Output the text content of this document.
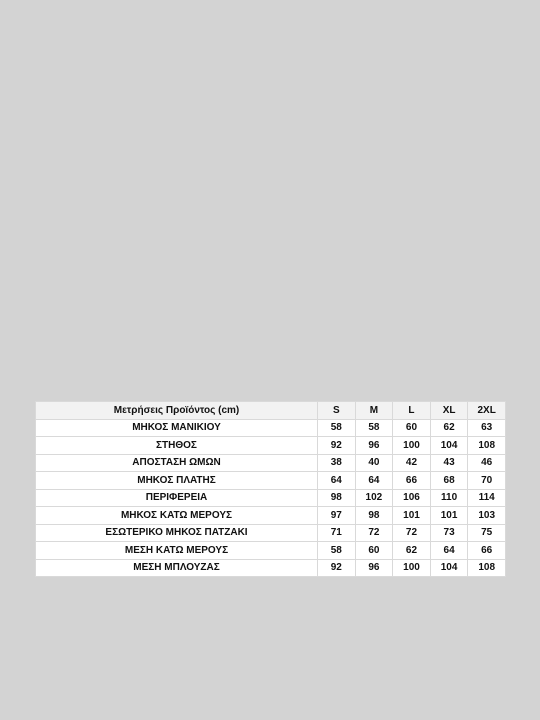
Μετρήσεις Προϊόντος (cm)	S	M	L	XL	2XL
ΜΗΚΟΣ ΜΑΝΙΚΙΟΥ	58	58	60	62	63
ΣΤΗΘΟΣ	92	96	100	104	108
ΑΠΟΣΤΑΣΗ ΩΜΩΝ	38	40	42	43	46
ΜΗΚΟΣ ΠΛΑΤΗΣ	64	64	66	68	70
ΠΕΡΙΦΕΡΕΙΑ	98	102	106	110	114
ΜΗΚΟΣ ΚΑΤΩ ΜΕΡΟΥΣ	97	98	101	101	103
ΕΣΩΤΕΡΙΚΟ ΜΗΚΟΣ ΠΑΤΖΑΚΙ	71	72	72	73	75
ΜΕΣΗ ΚΑΤΩ ΜΕΡΟΥΣ	58	60	62	64	66
ΜΕΣΗ ΜΠΛΟΥΖΑΣ	92	96	100	104	108
